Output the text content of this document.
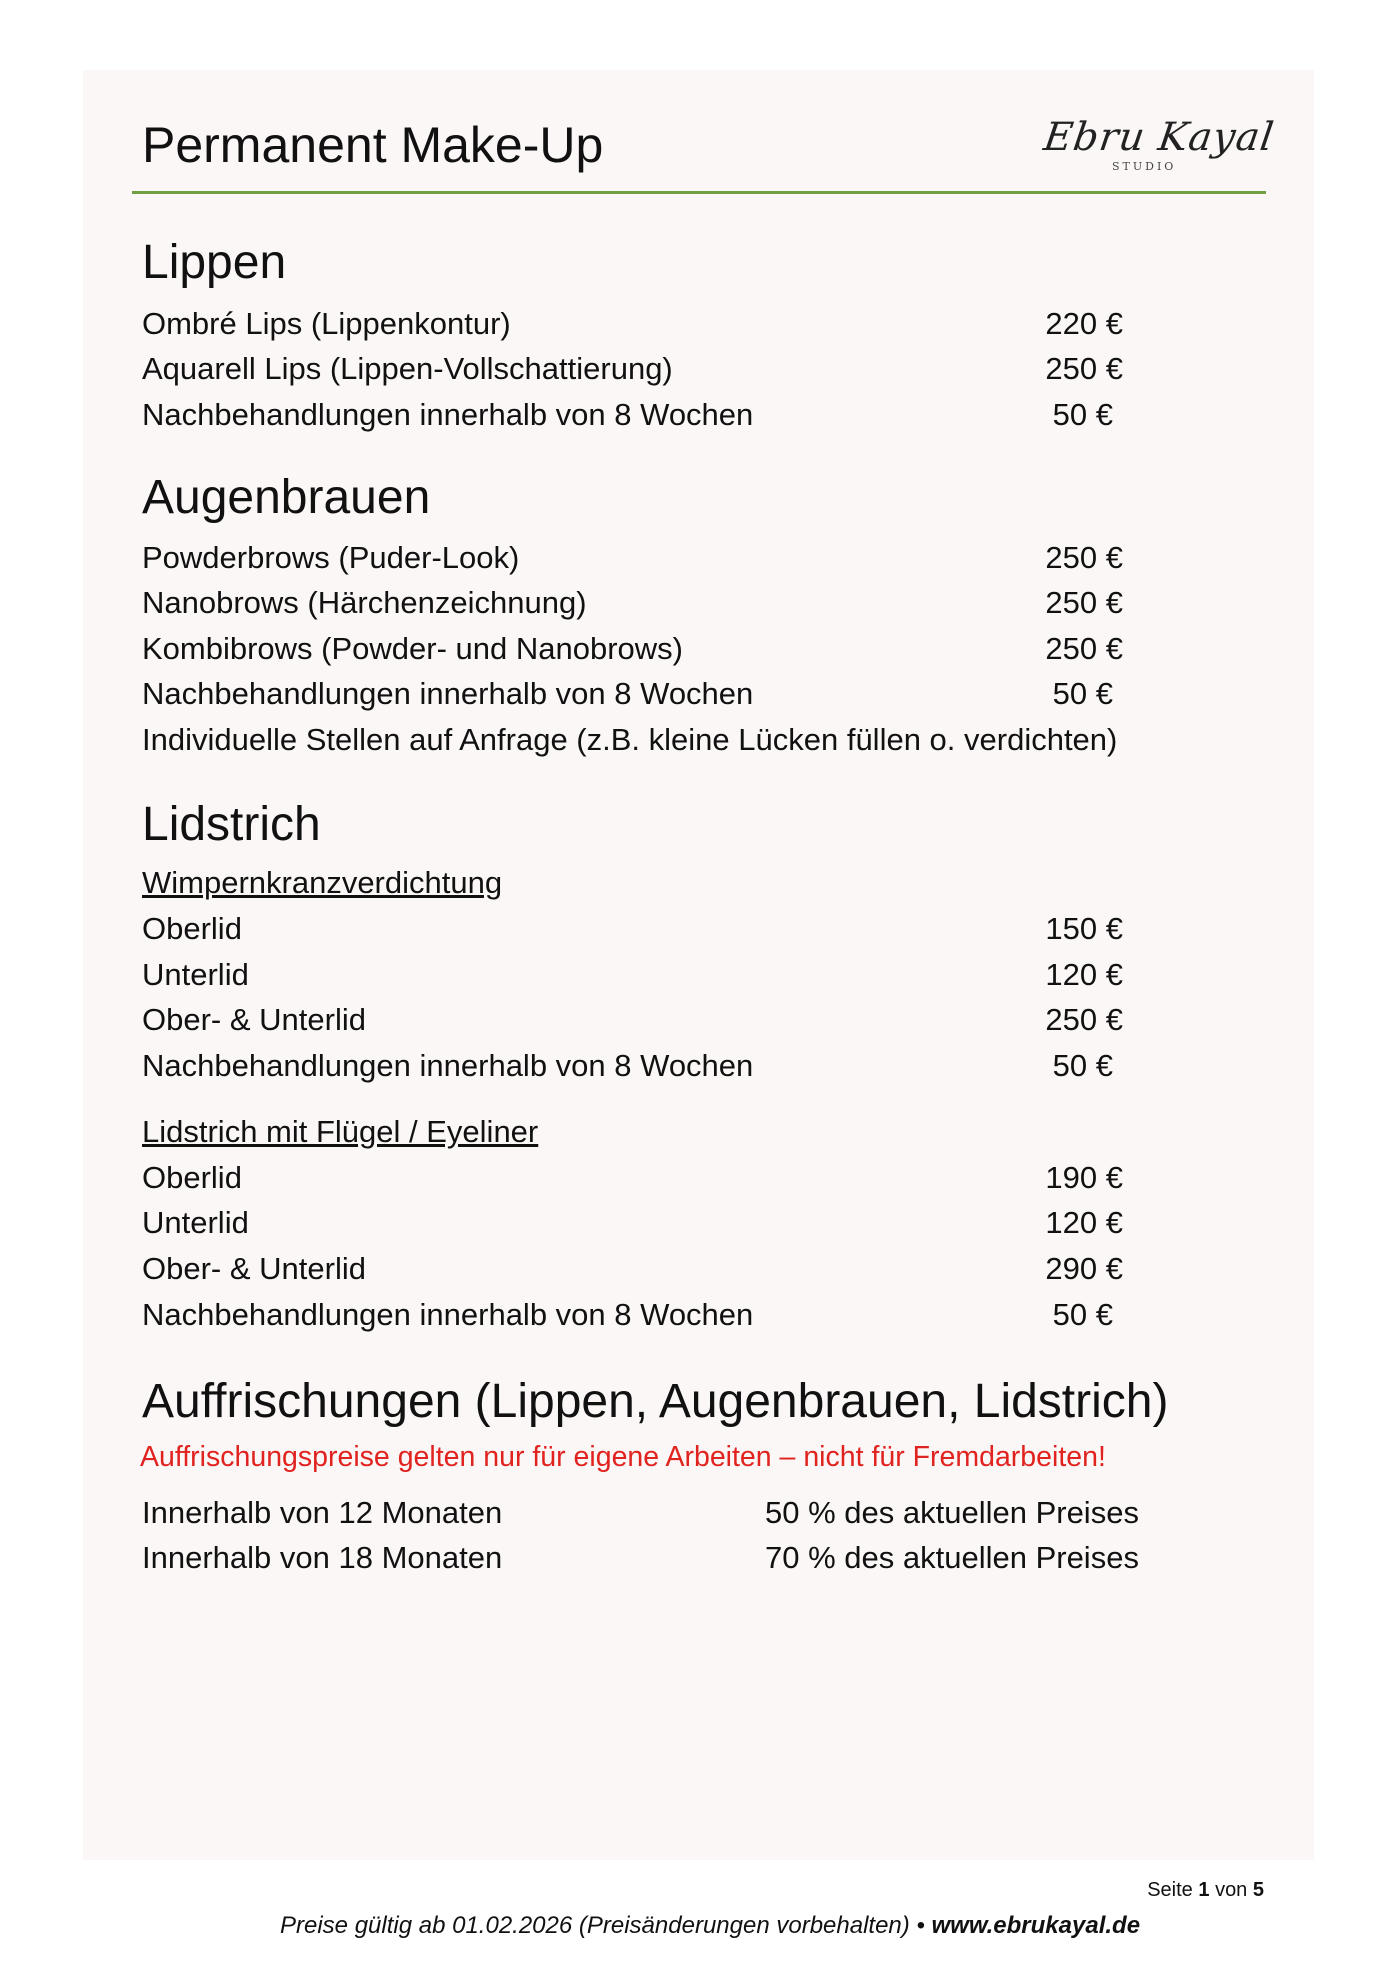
Permanent Make-Up	Ebru Kayal
STUDIO
Lippen
Ombré Lips (Lippenkontur)	220 €
Aquarell Lips (Lippen-Vollschattierung)	250 €
Nachbehandlungen innerhalb von 8 Wochen	50 €
Augenbrauen
Powderbrows (Puder-Look)	250 €
Nanobrows (Härchenzeichnung)	250 €
Kombibrows (Powder- und Nanobrows)	250 €
Nachbehandlungen innerhalb von 8 Wochen	50 €
Individuelle Stellen auf Anfrage (z.B. kleine Lücken füllen o. verdichten)
Lidstrich
Wimpernkranzverdichtung
Oberlid	150 €
Unterlid	120 €
Ober- & Unterlid	250 €
Nachbehandlungen innerhalb von 8 Wochen	50 €
Lidstrich mit Flügel / Eyeliner
Oberlid	190 €
Unterlid	120 €
Ober- & Unterlid	290 €
Nachbehandlungen innerhalb von 8 Wochen	50 €
Auffrischungen (Lippen, Augenbrauen, Lidstrich)
Auffrischungspreise gelten nur für eigene Arbeiten – nicht für Fremdarbeiten!
Innerhalb von 12 Monaten	50 % des aktuellen Preises
Innerhalb von 18 Monaten	70 % des aktuellen Preises
Seite 1 von 5
Preise gültig ab 01.02.2026 (Preisänderungen vorbehalten) • www.ebrukayal.de
